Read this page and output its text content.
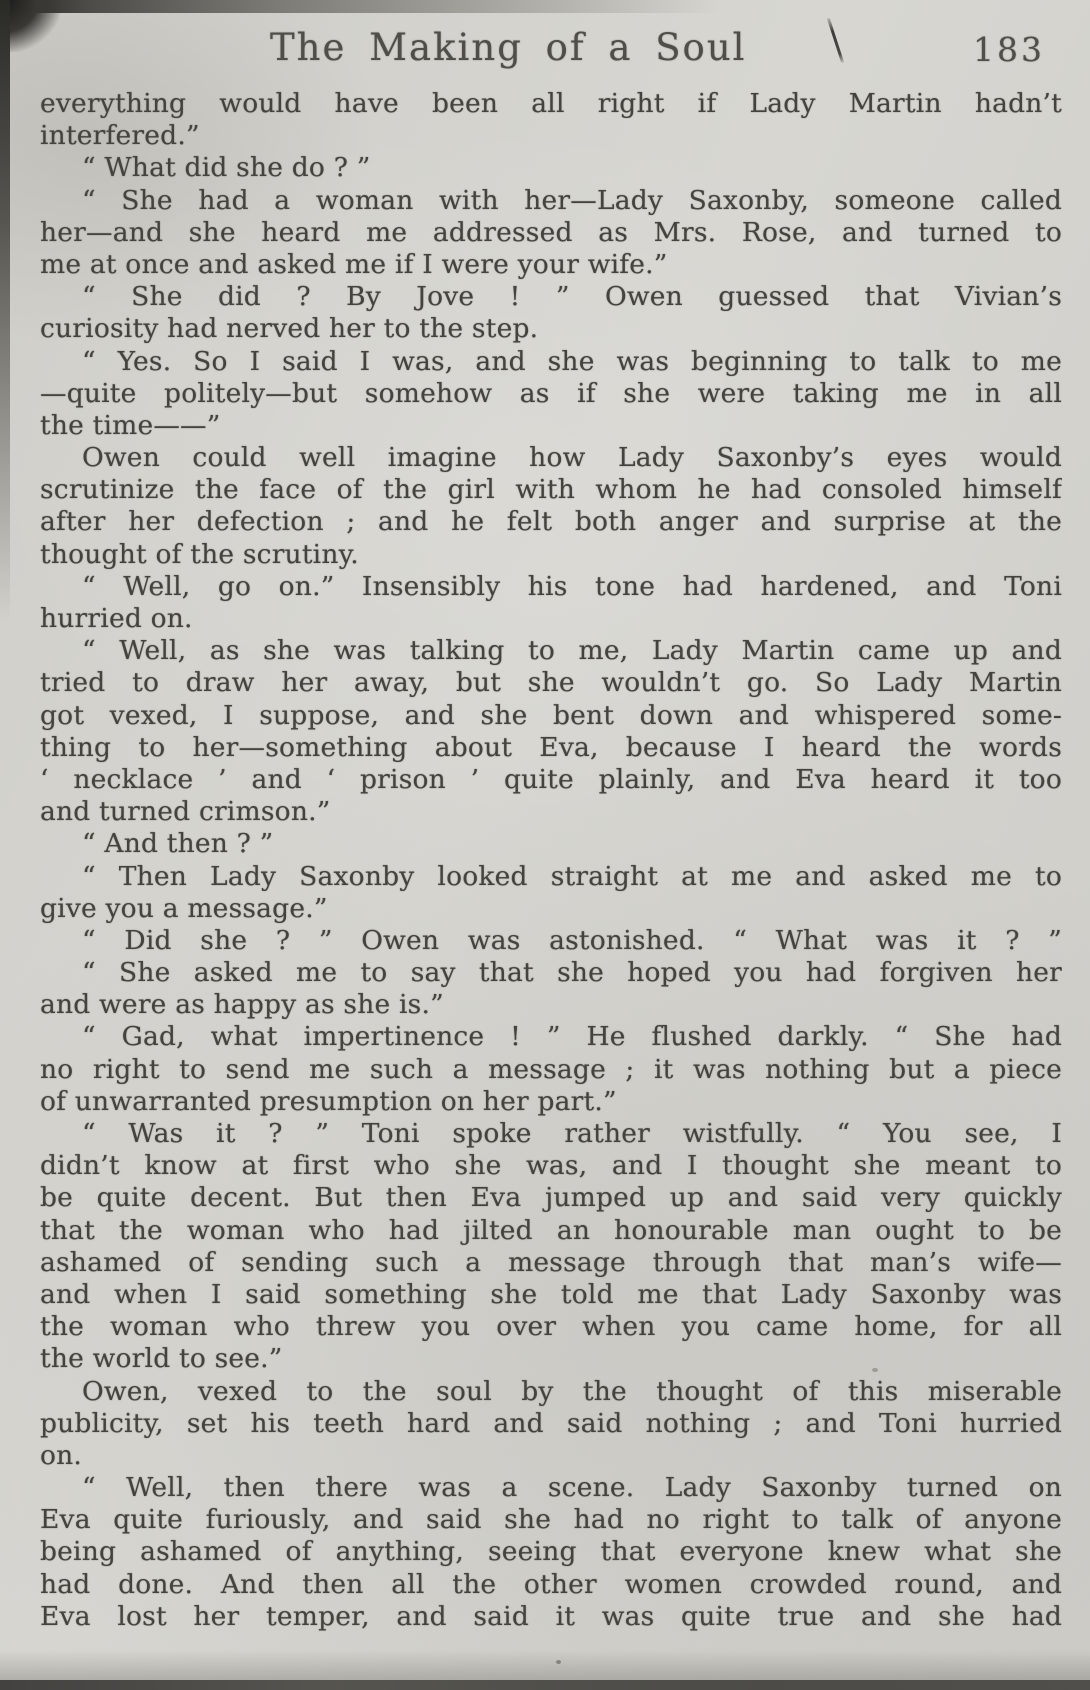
The Making of a Soul	183
everything would have been all right if Lady Martin hadn’t
interfered.”
“ What did she do ? ”
“ She had a woman with her—Lady Saxonby, someone called
her—and she heard me addressed as Mrs. Rose, and turned to
me at once and asked me if I were your wife.”
“ She did ? By Jove ! ” Owen guessed that Vivian’s
curiosity had nerved her to the step.
“ Yes. So I said I was, and she was beginning to talk to me
—quite politely—but somehow as if she were taking me in all
the time——”
Owen could well imagine how Lady Saxonby’s eyes would
scrutinize the face of the girl with whom he had consoled himself
after her defection ; and he felt both anger and surprise at the
thought of the scrutiny.
“ Well, go on.” Insensibly his tone had hardened, and Toni
hurried on.
“ Well, as she was talking to me, Lady Martin came up and
tried to draw her away, but she wouldn’t go. So Lady Martin
got vexed, I suppose, and she bent down and whispered some-
thing to her—something about Eva, because I heard the words
‘ necklace ’ and ‘ prison ’ quite plainly, and Eva heard it too
and turned crimson.”
“ And then ? ”
“ Then Lady Saxonby looked straight at me and asked me to
give you a message.”
“ Did she ? ” Owen was astonished. “ What was it ? ”
“ She asked me to say that she hoped you had forgiven her
and were as happy as she is.”
“ Gad, what impertinence ! ” He flushed darkly. “ She had
no right to send me such a message ; it was nothing but a piece
of unwarranted presumption on her part.”
“ Was it ? ” Toni spoke rather wistfully. “ You see, I
didn’t know at first who she was, and I thought she meant to
be quite decent. But then Eva jumped up and said very quickly
that the woman who had jilted an honourable man ought to be
ashamed of sending such a message through that man’s wife—
and when I said something she told me that Lady Saxonby was
the woman who threw you over when you came home, for all
the world to see.”
Owen, vexed to the soul by the thought of this miserable
publicity, set his teeth hard and said nothing ; and Toni hurried
on.
“ Well, then there was a scene. Lady Saxonby turned on
Eva quite furiously, and said she had no right to talk of anyone
being ashamed of anything, seeing that everyone knew what she
had done. And then all the other women crowded round, and
Eva lost her temper, and said it was quite true and she had
